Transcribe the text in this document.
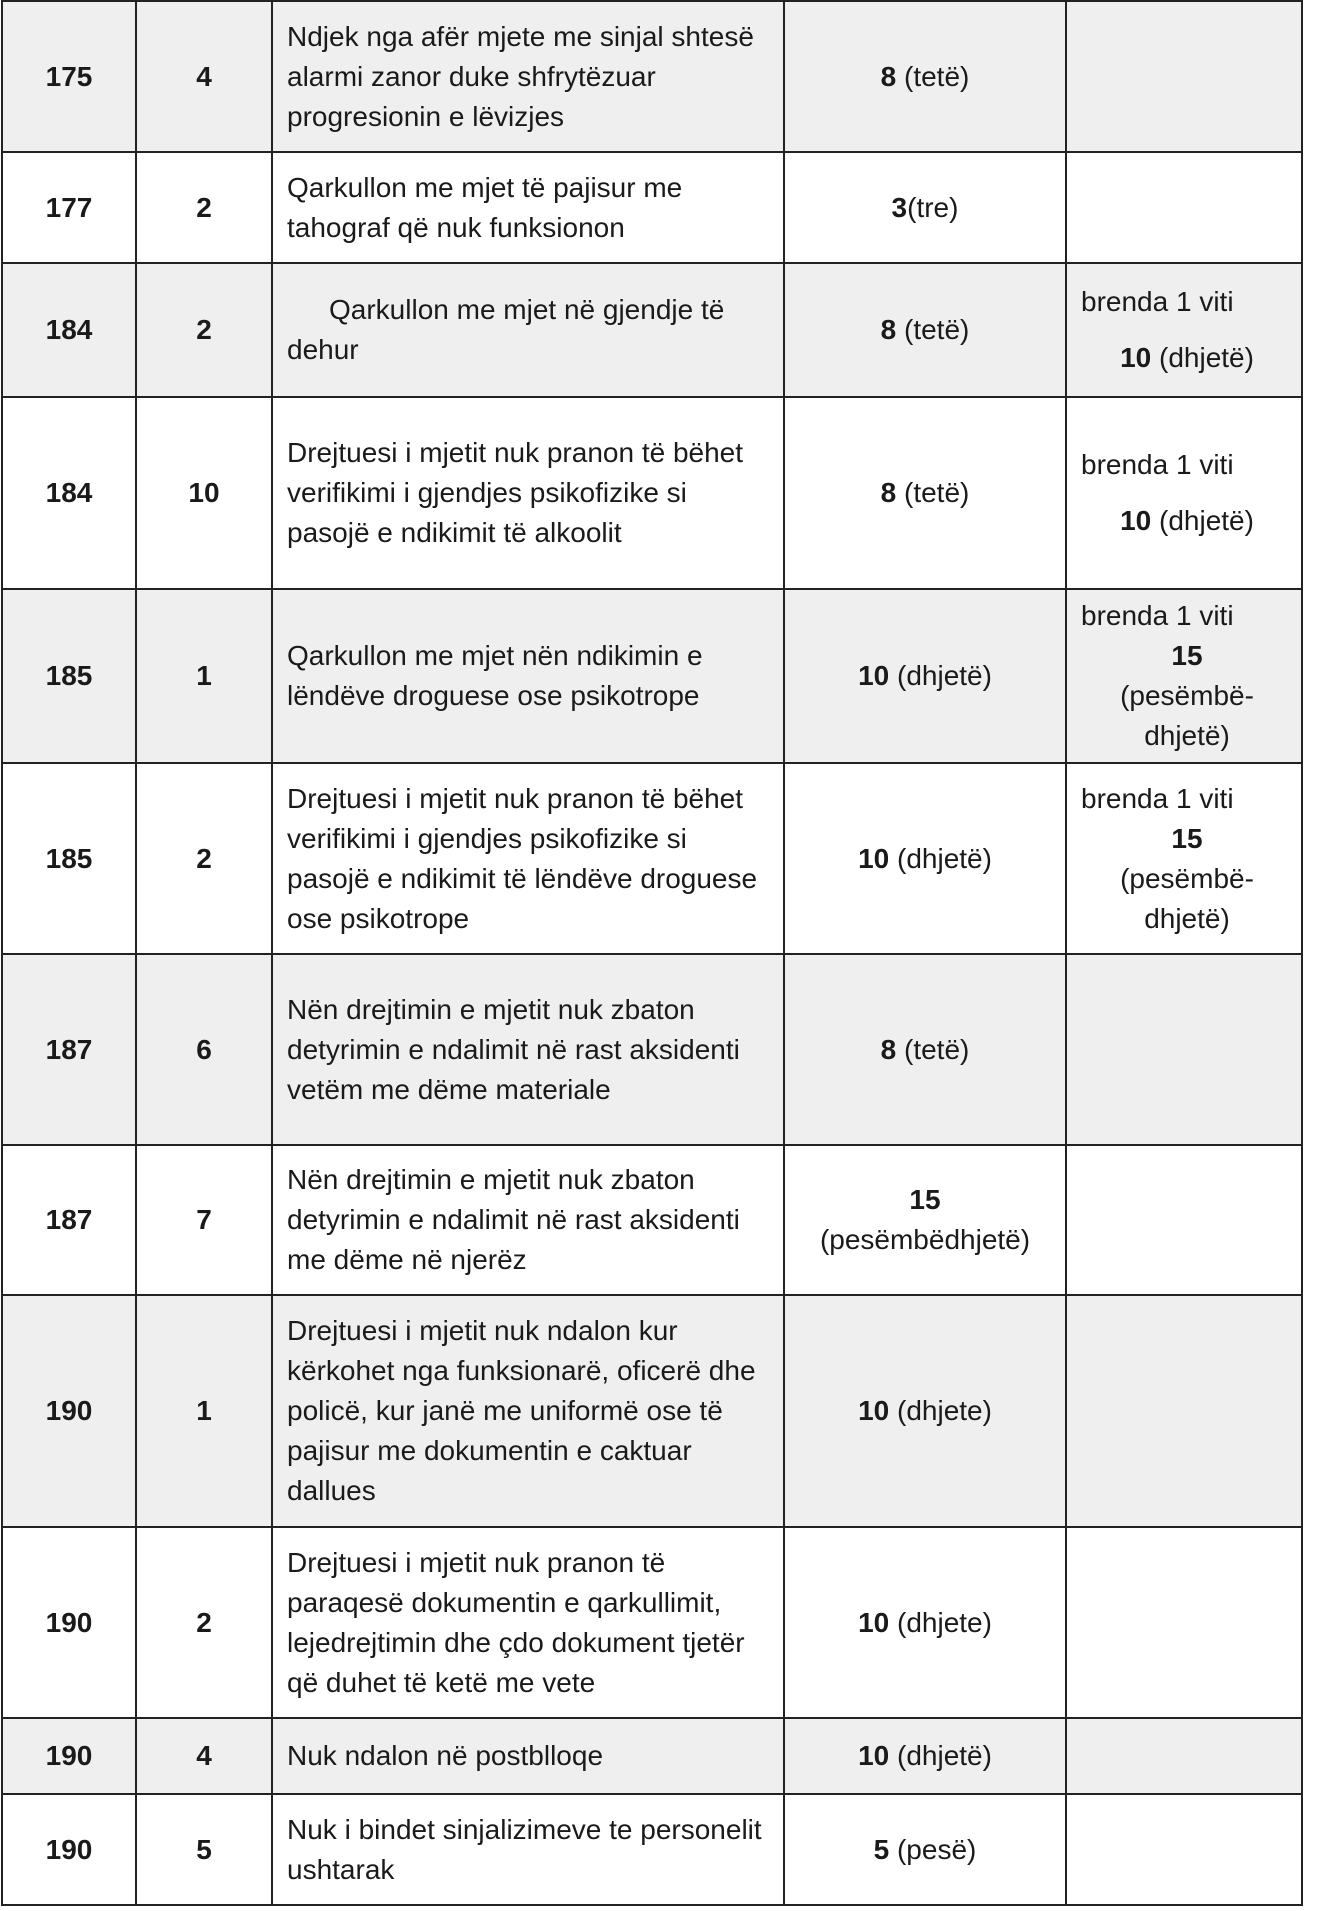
175	4	Ndjek nga afër mjete me sinjal shtesë alarmi zanor duke shfrytëzuar progresionin e lëvizjes	8 (tetë)	
177	2	Qarkullon me mjet të pajisur me tahograf që nuk funksionon	3(tre)	
184	2	Qarkullon me mjet në gjendje të dehur	8 (tetë)	brenda 1 viti
10 (dhjetë)

184	10	Drejtuesi i mjetit nuk pranon të bëhet verifikimi i gjendjes psikofizike si pasojë e ndikimit të alkoolit	8 (tetë)	brenda 1 viti
10 (dhjetë)

185	1	Qarkullon me mjet nën ndikimin e lëndëve droguese ose psikotrope	10 (dhjetë)	brenda 1 viti
15 (pesëmbë-dhjetë)

185	2	Drejtuesi i mjetit nuk pranon të bëhet verifikimi i gjendjes psikofizike si pasojë e ndikimit të lëndëve droguese ose psikotrope	10 (dhjetë)	brenda 1 viti
15 (pesëmbë-dhjetë)

187	6	Nën drejtimin e mjetit nuk zbaton detyrimin e ndalimit në rast aksidenti vetëm me dëme materiale	8 (tetë)	
187	7	Nën drejtimin e mjetit nuk zbaton detyrimin e ndalimit në rast aksidenti me dëme në njerëz	15
(pesëmbëdhjetë)	
190	1	Drejtuesi i mjetit nuk ndalon kur kërkohet nga funksionarë, oficerë dhe policë, kur janë me uniformë ose të pajisur me dokumentin e caktuar dallues	10 (dhjete)	
190	2	Drejtuesi i mjetit nuk pranon të paraqesë dokumentin e qarkullimit, lejedrejtimin dhe çdo dokument tjetër që duhet të ketë me vete	10 (dhjete)	
190	4	Nuk ndalon në postblloqe	10 (dhjetë)	
190	5	Nuk i bindet sinjalizimeve te personelit ushtarak	5 (pesë)	
